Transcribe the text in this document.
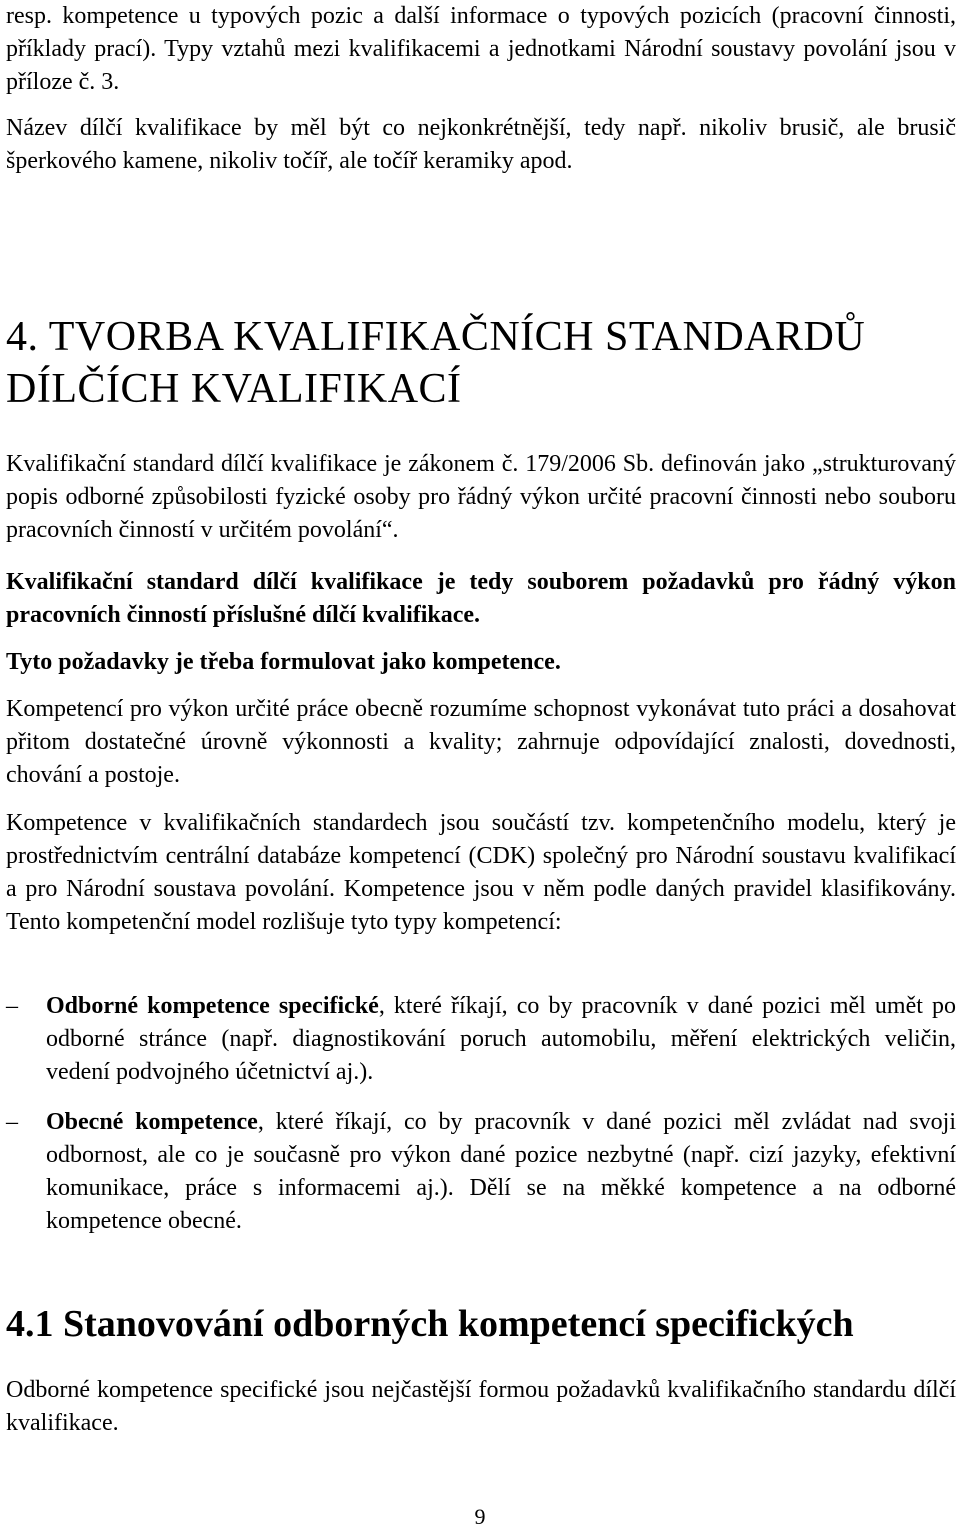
resp. kompetence u typových pozic a další informace o typových pozicích (pracovní činnosti, příklady prací). Typy vztahů mezi kvalifikacemi a jednotkami Národní soustavy povolání jsou v příloze č. 3.

Název dílčí kvalifikace by měl být co nejkonkrétnější, tedy např. nikoliv brusič, ale brusič šperkového kamene, nikoliv točíř, ale točíř keramiky apod.

4. TVORBA KVALIFIKAČNÍCH STANDARDŮ
DÍLČÍCH KVALIFIKACÍ

Kvalifikační standard dílčí kvalifikace je zákonem č. 179/2006 Sb. definován jako „strukturovaný popis odborné způsobilosti fyzické osoby pro řádný výkon určité pracovní činnosti nebo souboru pracovních činností v určitém povolání“.

Kvalifikační standard dílčí kvalifikace je tedy souborem požadavků pro řádný výkon pracovních činností příslušné dílčí kvalifikace.

Tyto požadavky je třeba formulovat jako kompetence.

Kompetencí pro výkon určité práce obecně rozumíme schopnost vykonávat tuto práci a dosahovat přitom dostatečné úrovně výkonnosti a kvality; zahrnuje odpovídající znalosti, dovednosti, chování a postoje.

Kompetence v kvalifikačních standardech jsou součástí tzv. kompetenčního modelu, který je prostřednictvím centrální databáze kompetencí (CDK) společný pro Národní soustavu kvalifikací a pro Národní soustava povolání. Kompetence jsou v něm podle daných pravidel klasifikovány. Tento kompetenční model rozlišuje tyto typy kompetencí:

–	Odborné kompetence specifické, které říkají, co by pracovník v dané pozici měl umět po odborné stránce (např. diagnostikování poruch automobilu, měření elektrických veličin, vedení podvojného účetnictví aj.).

–	Obecné kompetence, které říkají, co by pracovník v dané pozici měl zvládat nad svoji odbornost, ale co je současně pro výkon dané pozice nezbytné (např. cizí jazyky, efektivní komunikace, práce s informacemi aj.). Dělí se na měkké kompetence a na odborné kompetence obecné.

4.1 Stanovování odborných kompetencí specifických

Odborné kompetence specifické jsou nejčastější formou požadavků kvalifikačního standardu dílčí kvalifikace.

9
